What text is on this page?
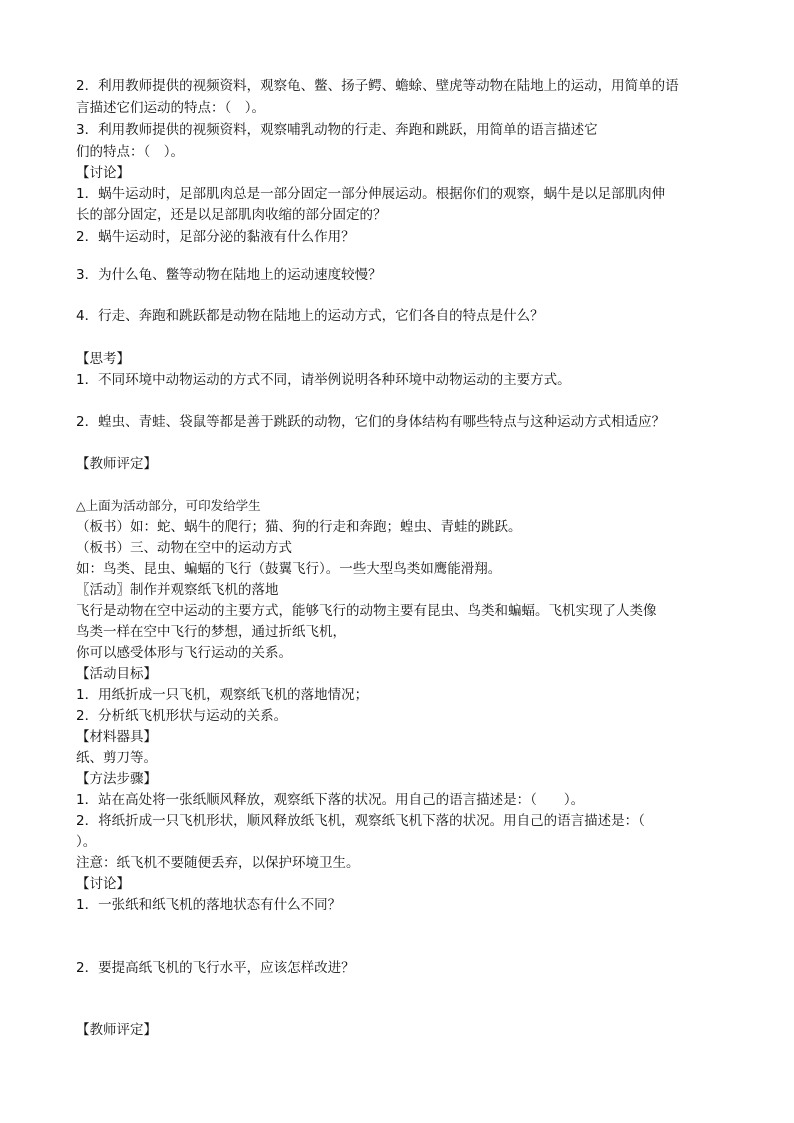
2．利用教师提供的视频资料，观察龟、鳖、扬子鳄、蟾蜍、壁虎等动物在陆地上的运动，用简单的语
言描述它们运动的特点：（　）。
3．利用教师提供的视频资料，观察哺乳动物的行走、奔跑和跳跃，用简单的语言描述它
们的特点：（　）。
【讨论】
1．蜗牛运动时，足部肌肉总是一部分固定一部分伸展运动。根据你们的观察，蜗牛是以足部肌肉伸
长的部分固定，还是以足部肌肉收缩的部分固定的？
2．蜗牛运动时，足部分泌的黏液有什么作用？
3．为什么龟、鳖等动物在陆地上的运动速度较慢？
4．行走、奔跑和跳跃都是动物在陆地上的运动方式，它们各自的特点是什么？
【思考】
1．不同环境中动物运动的方式不同，请举例说明各种环境中动物运动的主要方式。
2．蝗虫、青蛙、袋鼠等都是善于跳跃的动物，它们的身体结构有哪些特点与这种运动方式相适应？
【教师评定】
△上面为活动部分，可印发给学生
（板书）如：蛇、蜗牛的爬行；猫、狗的行走和奔跑；蝗虫、青蛙的跳跃。
（板书）三、动物在空中的运动方式
如：鸟类、昆虫、蝙蝠的飞行（鼓翼飞行）。一些大型鸟类如鹰能滑翔。
〖活动〗制作并观察纸飞机的落地
飞行是动物在空中运动的主要方式，能够飞行的动物主要有昆虫、鸟类和蝙蝠。飞机实现了人类像
鸟类一样在空中飞行的梦想，通过折纸飞机，
你可以感受体形与飞行运动的关系。
【活动目标】
1．用纸折成一只飞机，观察纸飞机的落地情况；
2．分析纸飞机形状与运动的关系。
【材料器具】
纸、剪刀等。
【方法步骤】
1．站在高处将一张纸顺风释放，观察纸下落的状况。用自己的语言描述是：（　　）。
2．将纸折成一只飞机形状，顺风释放纸飞机，观察纸飞机下落的状况。用自己的语言描述是：（
）。
注意：纸飞机不要随便丢弃，以保护环境卫生。
【讨论】
1．一张纸和纸飞机的落地状态有什么不同？
2．要提高纸飞机的飞行水平，应该怎样改进？
【教师评定】
